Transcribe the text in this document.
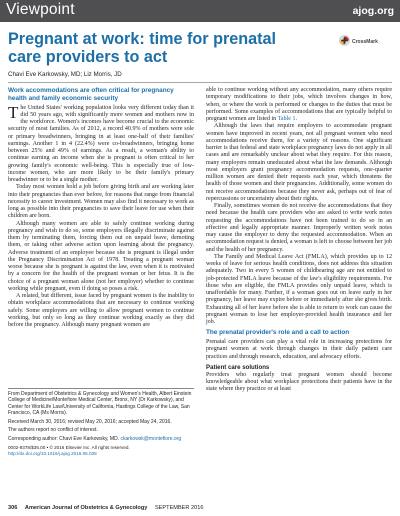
Viewpoint	ajog.org
Pregnant at work: time for prenatal care providers to act
CrossMark
Chavi Eve Karkowsky, MD; Liz Morris, JD
Work accommodations are often critical for pregnancy health and family economic security

The United States' working population looks very different today than it did 50 years ago, with significantly more women and mothers now in the workforce. Women's incomes have become crucial to the economic security of most families. As of 2012, a record 40.9% of mothers were sole or primary breadwinners, bringing in at least one-half of their families' earnings. Another 1 in 4 (22.4%) were co-breadwinners, bringing home between 25% and 49% of earnings. As a result, a woman's ability to continue earning an income when she is pregnant is often critical to her growing family's economic well-being. This is especially true of low-income women, who are more likely to be their family's primary breadwinner or to be a single mother.

Today most women hold a job before giving birth and are working later into their pregnancies than ever before, for reasons that range from financial necessity to career investment. Women may also find it necessary to work as long as possible into their pregnancies to save their leave for use when their children are born.

Although many women are able to safely continue working during pregnancy and wish to do so, some employers illegally discriminate against them by terminating them, forcing them out on unpaid leave, demoting them, or taking other adverse action upon learning about the pregnancy. Adverse treatment of an employee because she is pregnant is illegal under the Pregnancy Discrimination Act of 1978. Treating a pregnant woman worse because she is pregnant is against the law, even when it is motivated by a concern for the health of the pregnant woman or her fetus. It is the choice of a pregnant woman alone (not her employer) whether to continue working while pregnant, even if doing so poses a risk.

A related, but different, issue faced by pregnant women is the inability to obtain workplace accommodations that are necessary to continue working safely. Some employers are willing to allow pregnant women to continue working, but only so long as they continue working exactly as they did before the pregnancy. Although many pregnant women are

From Department of Obstetrics & Gynecology and Women's Health, Albert Einstein College of Medicine/Montefiore Medical Center, Bronx, NY (Dr Karkowsky), and Center for WorkLife Law/University of California, Hastings College of the Law, San Francisco, CA (Ms Morris).

Received March 30, 2016; revised May 20, 2016; accepted May 24, 2016.

The authors report no conflict of interest.

Corresponding author: Chavi Eve Karkowsky, MD. ckarkowsk@montefiore.org

0002-9378/$36.00 • © 2016 Elsevier Inc. All rights reserved.
http://dx.doi.org/10.1016/j.ajog.2016.05.038

able to continue working without any accommodation, many others require temporary modifications to their jobs, which involves changes in how, when, or where the work is performed or changes to the duties that must be performed. Some examples of accommodations that are typically helpful to pregnant women are listed in Table 1.

Although the laws that require employers to accommodate pregnant women have improved in recent years, not all pregnant women who need accommodations receive them, for a variety of reasons. One significant barrier is that federal and state workplace pregnancy laws do not apply in all cases and are remarkably unclear about what they require. For this reason, many employers remain uneducated about what the law demands. Although most employers grant pregnancy accommodation requests, one-quarter million women are denied their requests each year, which threatens the health of those women and their pregnancies. Additionally, some women do not receive accommodations because they never ask, perhaps out of fear of repercussions or uncertainty about their rights.

Finally, sometimes women do not receive the accommodations that they need because the health care providers who are asked to write work notes requesting the accommodations have not been trained to do so in an effective and legally appropriate manner. Improperly written work notes may cause the employer to deny the requested accommodation. When an accommodation request is denied, a woman is left to choose between her job and the health of her pregnancy.

The Family and Medical Leave Act (FMLA), which provides up to 12 weeks of leave for serious health conditions, does not address this situation adequately. Two in every 5 women of childbearing age are not entitled to job-protected FMLA leave because of the law's eligibility requirements. For those who are eligible, the FMLA provides only unpaid leave, which is unaffordable for many. Further, if a woman goes out on leave early in her pregnancy, her leave may expire before or immediately after she gives birth. Exhausting all of her leave before she is able to return to work can cause the pregnant woman to lose her employer-provided health insurance and her job.

The prenatal provider's role and a call to action

Prenatal care providers can play a vital role in increasing protections for pregnant women at work through changes in their daily patient care practices and through research, education, and advocacy efforts.

Patient care solutions

Providers who regularly treat pregnant women should become knowledgeable about what workplace protections their patients have in the state where they practice or at least

306 American Journal of Obstetrics & Gynecology SEPTEMBER 2016
